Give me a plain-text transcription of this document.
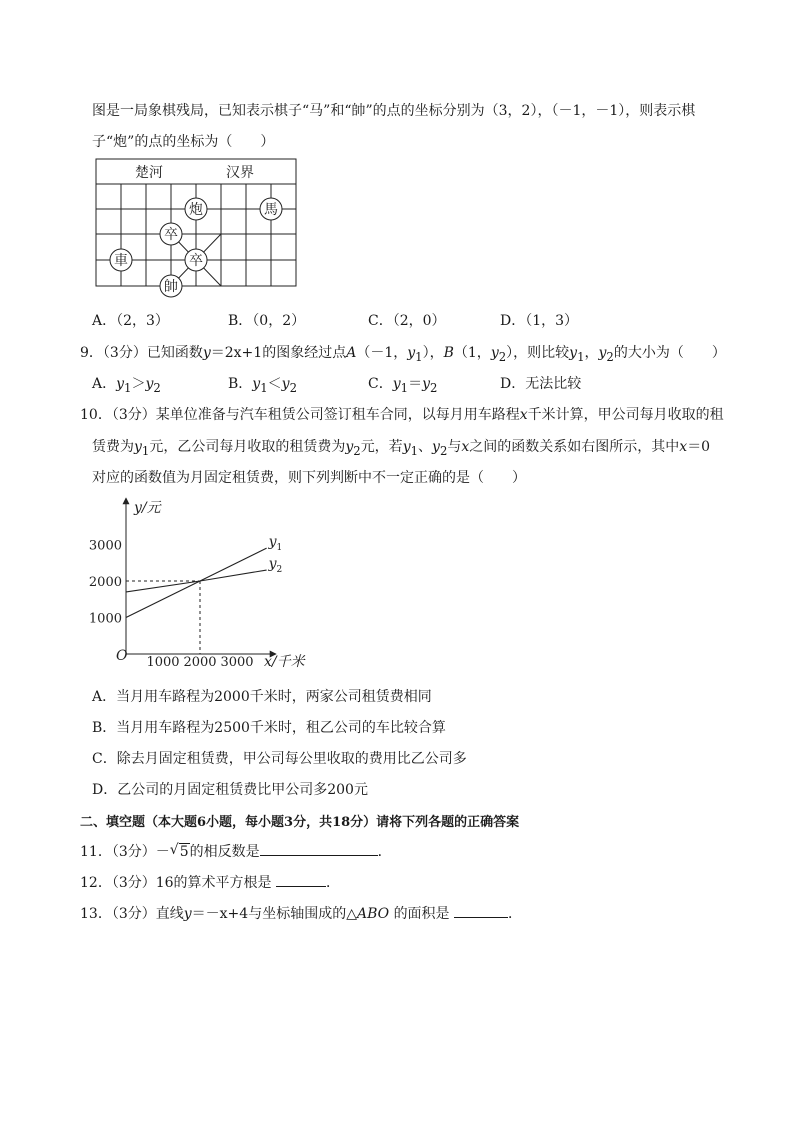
图是一局象棋残局，已知表示棋子“马”和“帥”的点的坐标分别为（3，2），（－1，－1），则表示棋
子“炮”的点的坐标为（　　）
楚河	汉界
炮	馬
卒
車	卒
帥
A．（2，3）	B．（0，2）	C．（2，0）	D．（1，3）
9．（3分）已知函数y＝2x+1的图象经过点A（－1，$y_1$），B（1，$y_2$），则比较$y_1$，$y_2$的大小为（　　）
A．$y_1>y_2$	B．$y_1<y_2$	C．$y_1=y_2$	D．无法比较
10．（3分）某单位准备与汽车租赁公司签订租车合同，以每月用车路程x千米计算，甲公司每月收取的租
赁费为$y_1$元，乙公司每月收取的租赁费为$y_2$元，若$y_1$、$y_2$与x之间的函数关系如右图所示，其中x＝0
对应的函数值为月固定租赁费，则下列判断中不一定正确的是（　　）
y/元
x/千米
O 1000 2000 3000
1000
2000
3000	$y_1$
$y_2$
A．当月用车路程为2000千米时，两家公司租赁费相同
B．当月用车路程为2500千米时，租乙公司的车比较合算
C．除去月固定租赁费，甲公司每公里收取的费用比乙公司多
D．乙公司的月固定租赁费比甲公司多200元
二、填空题（本大题6小题，每小题3分，共18分）请将下列各题的正确答案
11．（3分）－ √ 5的相反数是	．
12．（3分）16的算术平方根是	．
13．（3分）直线y＝－x+4与坐标轴围成的△ABO 的面积是	．
